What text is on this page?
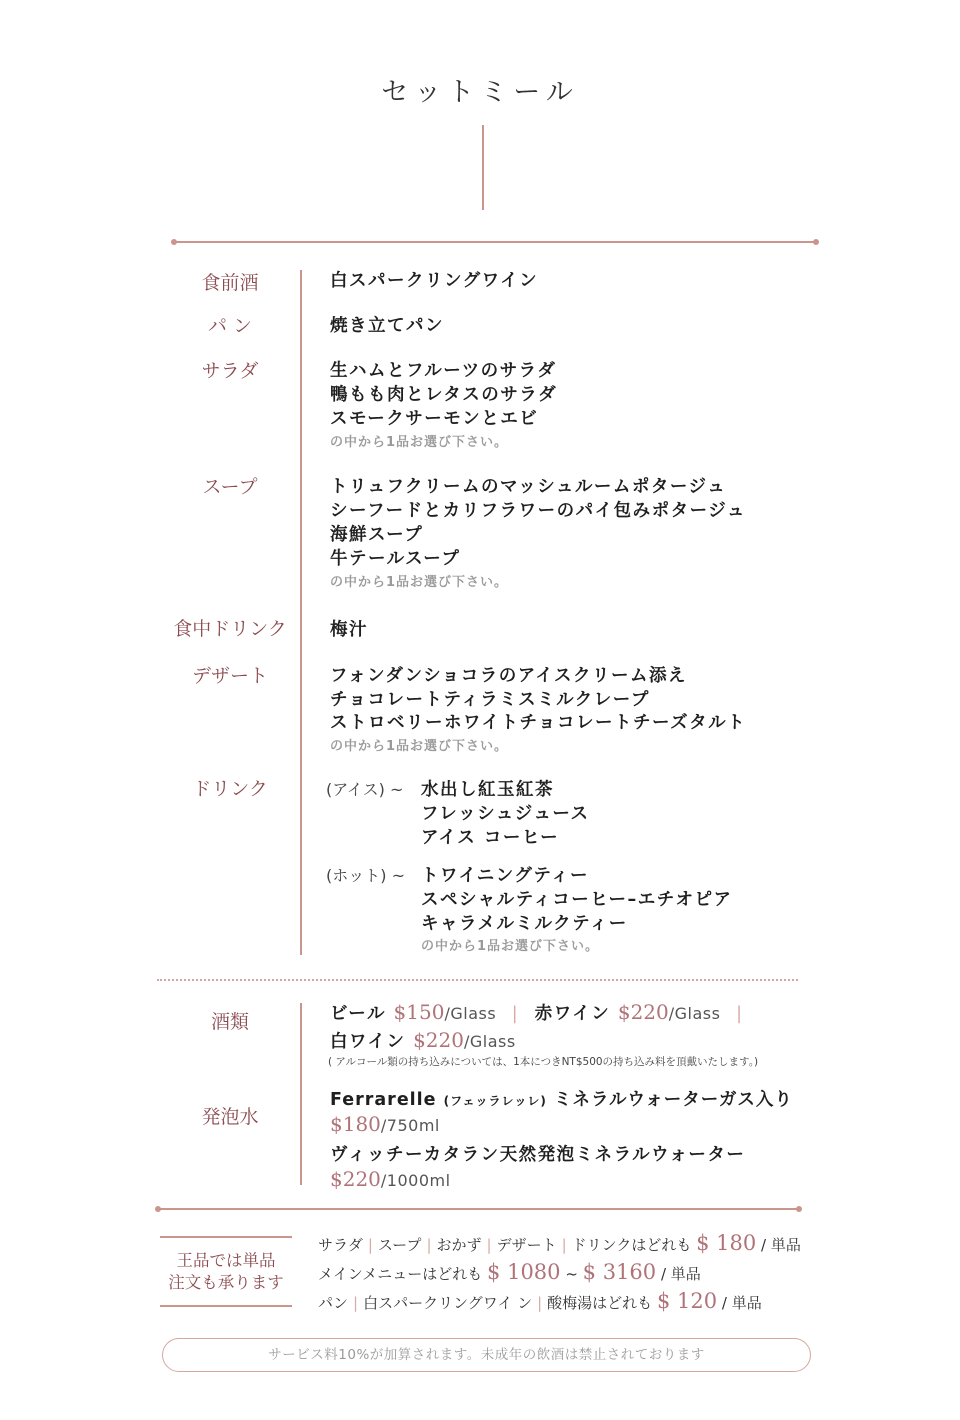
セットミール
食前酒
パ ン
サラダ
スープ
食中ドリンク
デザート
ドリンク
白スパークリングワイン
焼き立てパン
生ハムとフルーツのサラダ
鴨もも肉とレタスのサラダ
スモークサーモンとエビ
の中から1品お選び下さい。
トリュフクリームのマッシュルームポタージュ
シーフードとカリフラワーのパイ包みポタージュ
海鮮スープ
牛テールスープ
の中から1品お選び下さい。
梅汁
フォンダンショコラのアイスクリーム添え
チョコレートティラミスミルクレープ
ストロベリーホワイトチョコレートチーズタルト
の中から1品お選び下さい。
(アイス) ~ 水出し紅玉紅茶
フレッシュジュース
アイス コーヒー
(ホット) ~ トワイニングティー
スペシャルティコーヒー–エチオピア
キャラメルミルクティー
の中から1品お選び下さい。
酒類
発泡水
ビール $150/Glass | 赤ワイン $220/Glass |
白ワイン $220/Glass
( アルコール類の持ち込みについては、1本につきNT$500の持ち込み料を頂戴いたします。)
Ferrarelle (フェッラレッレ) ミネラルウォーターガス入り
$180/750ml
ヴィッチーカタラン天然発泡ミネラルウォーター
$220/1000ml
王品では単品
注文も承ります
サラダ | スープ | おかず | デザート | ドリンクはどれも $ 180 / 単品
メインメニューはどれも $ 1080 ~ $ 3160 / 単品
パン | 白スパークリングワイ ン | 酸梅湯はどれも $ 120 / 単品
サービス料10%が加算されます。未成年の飲酒は禁止されております
